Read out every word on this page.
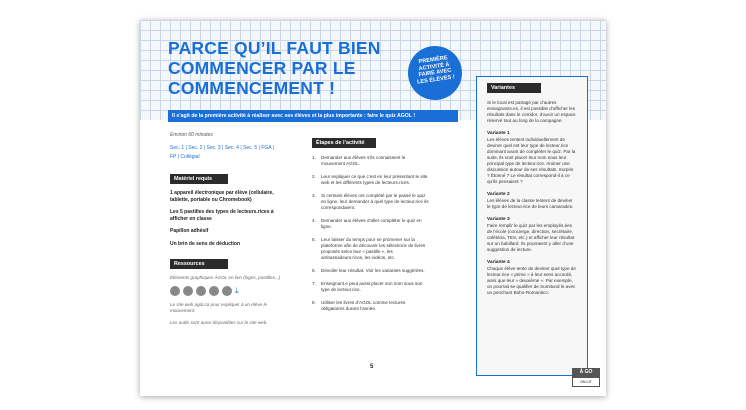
PARCE QU’IL FAUT BIEN COMMENCER PAR LE COMMENCEMENT !
PREMIÈRE ACTIVITÉ À FAIRE AVEC LES ÉLÈVES !
Il s’agit de la première activité à réaliser avec ses élèves et la plus importante : faire le quiz AGOL !
Environ 60 minutes
Sec. 1 | Sec. 2 | Sec. 3 | Sec. 4 | Sec. 5 | FGA |
FP | Collégial
Matériel requis
1 appareil électronique par élève (cellulaire, tablette, portable ou Chromebook)
Les 5 pastilles des types de lecteurs.rices à afficher en classe
Papillon adhésif
Un brin de sens de déduction
Ressources
Éléments graphiques ÀGOL en lien (logos, pastilles...)
⤓
Le site web agol.ca pour expliquer à un élève le mouvement.
Les outils sont aussi disponibles sur le site web.
Étapes de l’activité
1.	Demander aux élèves s’ils connaissent le mouvement AGOL.
2.	Leur expliquer ce que c’est en leur présentant le site web et les différents types de lecteurs.rices.
3.	Si certains élèves ont complété par le passé le quiz en ligne, leur demander à quel type de lecteur.rice ils correspondaient.
4.	Demander aux élèves d’aller compléter le quiz en ligne.
5.	Leur laisser du temps pour se promener sur la plateforme afin de découvrir les sélections de livres proposés selon leur « pastille », les ambassadeurs.rices, les vidéos, etc.
6.	Dévoiler leur résultat. Voir les variantes suggérées.
7.	Enseignant.e peut aussi placer son nom sous son type de lecteur.rice.
8.	Utiliser les livres d’AGOL comme lectures obligatoires durant l’année.
5
Variantes
Si le local est partagé par d’autres enseignants.es, il est possible d’afficher les résultats dans le corridor, d’avoir un espace réservé tout au long de la campagne.
Variante 1
Les élèves tentent individuellement de deviner quel est leur type de lecteur.rice dominant avant de compléter le quiz. Par la suite, ils vont placer leur nom sous leur principal type de lecteur.rice. Animer une discussion autour de ses résultats. Surpris ? Étonné ? Le résultat correspond-il à ce qu’ils pensaient ?
Variante 2
Les élèves de la classe tentent de deviner le type de lecteur.rice de leurs camarades.
Variante 3
Faire remplir le quiz par les employés.ées de l’école (concierge, direction, secrétaire, cafétéria, TES, etc.) et afficher leur résultat sur un babillard. Ils pourraient y aller d’une suggestion de lecture.
Variante 4
Chaque élève tente de deviner quel type de lecteur.rice « prime » à leur sens accordé, ainsi que leur « deuxième ». Par exemple, on pourrait se qualifier de Sumitural le avec un penchant Boho-Romantico.
À GO
ON LIT
